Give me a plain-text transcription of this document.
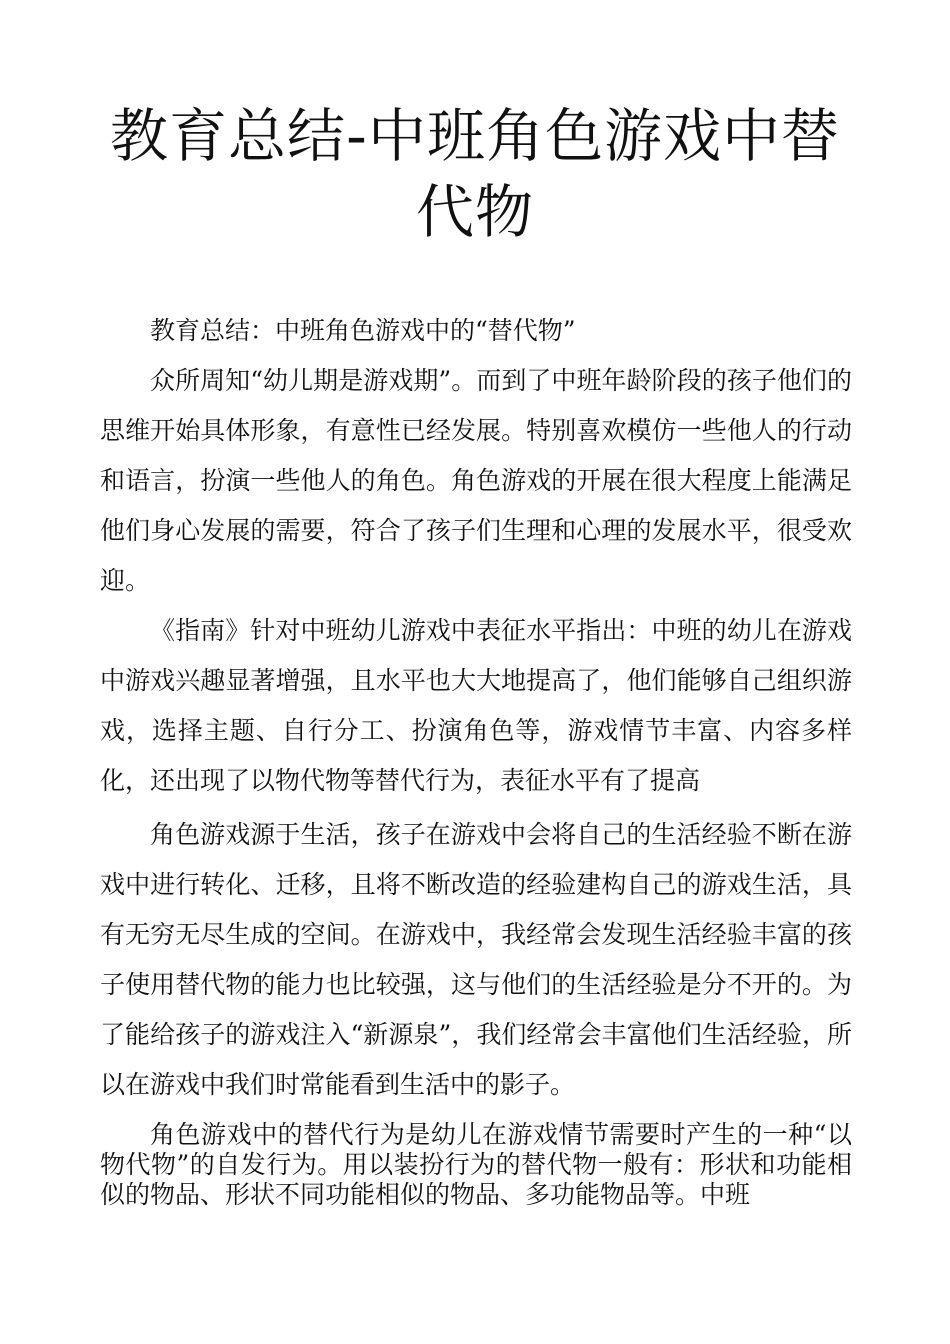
教育总结-中班角色游戏中替代物

教育总结：中班角色游戏中的“替代物”

众所周知“幼儿期是游戏期”。而到了中班年龄阶段的孩子他们的思维开始具体形象，有意性已经发展。特别喜欢模仿一些他人的行动和语言，扮演一些他人的角色。角色游戏的开展在很大程度上能满足他们身心发展的需要，符合了孩子们生理和心理的发展水平，很受欢迎。

《指南》针对中班幼儿游戏中表征水平指出：中班的幼儿在游戏中游戏兴趣显著增强，且水平也大大地提高了，他们能够自己组织游戏，选择主题、自行分工、扮演角色等，游戏情节丰富、内容多样化，还出现了以物代物等替代行为，表征水平有了提高

角色游戏源于生活，孩子在游戏中会将自己的生活经验不断在游戏中进行转化、迁移，且将不断改造的经验建构自己的游戏生活，具有无穷无尽生成的空间。在游戏中，我经常会发现生活经验丰富的孩子使用替代物的能力也比较强，这与他们的生活经验是分不开的。为了能给孩子的游戏注入“新源泉”，我们经常会丰富他们生活经验，所以在游戏中我们时常能看到生活中的影子。

角色游戏中的替代行为是幼儿在游戏情节需要时产生的一种“以物代物”的自发行为。用以装扮行为的替代物一般有：形状和功能相似的物品、形状不同功能相似的物品、多功能物品等。中班
